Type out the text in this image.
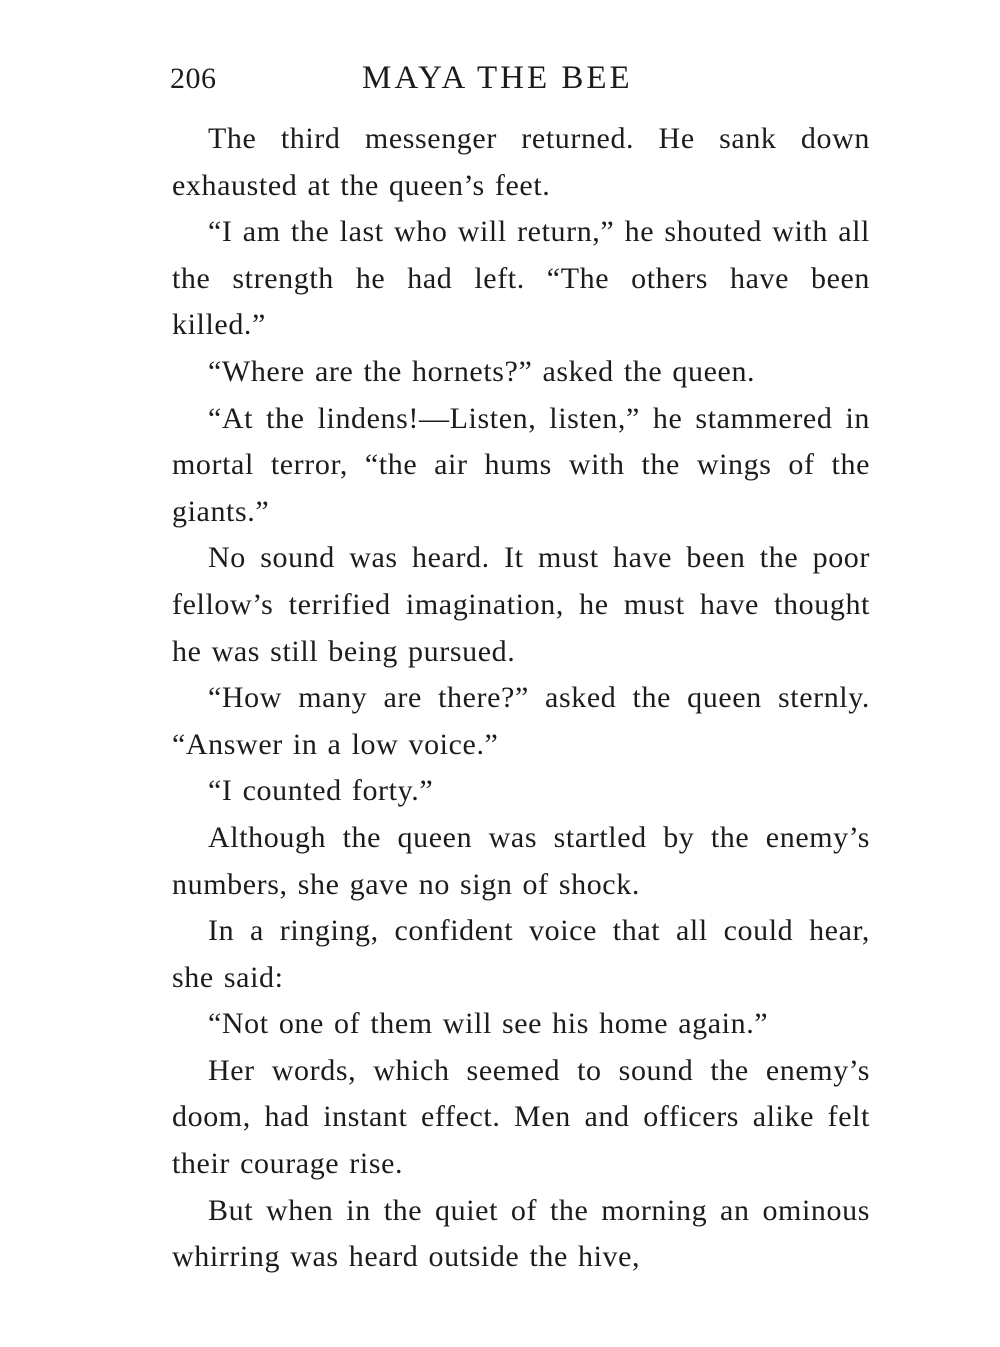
206	MAYA THE BEE

The third messenger returned. He sank down exhausted at the queen’s feet.

“I am the last who will return,” he shouted with all the strength he had left. “The others have been killed.”

“Where are the hornets?” asked the queen.

“At the lindens!—Listen, listen,” he stammered in mortal terror, “the air hums with the wings of the giants.”

No sound was heard. It must have been the poor fellow’s terrified imagination, he must have thought he was still being pursued.

“How many are there?” asked the queen sternly. “Answer in a low voice.”

“I counted forty.”

Although the queen was startled by the enemy’s numbers, she gave no sign of shock.

In a ringing, confident voice that all could hear, she said:

“Not one of them will see his home again.”

Her words, which seemed to sound the enemy’s doom, had instant effect. Men and officers alike felt their courage rise.

But when in the quiet of the morning an ominous whirring was heard outside the hive,
